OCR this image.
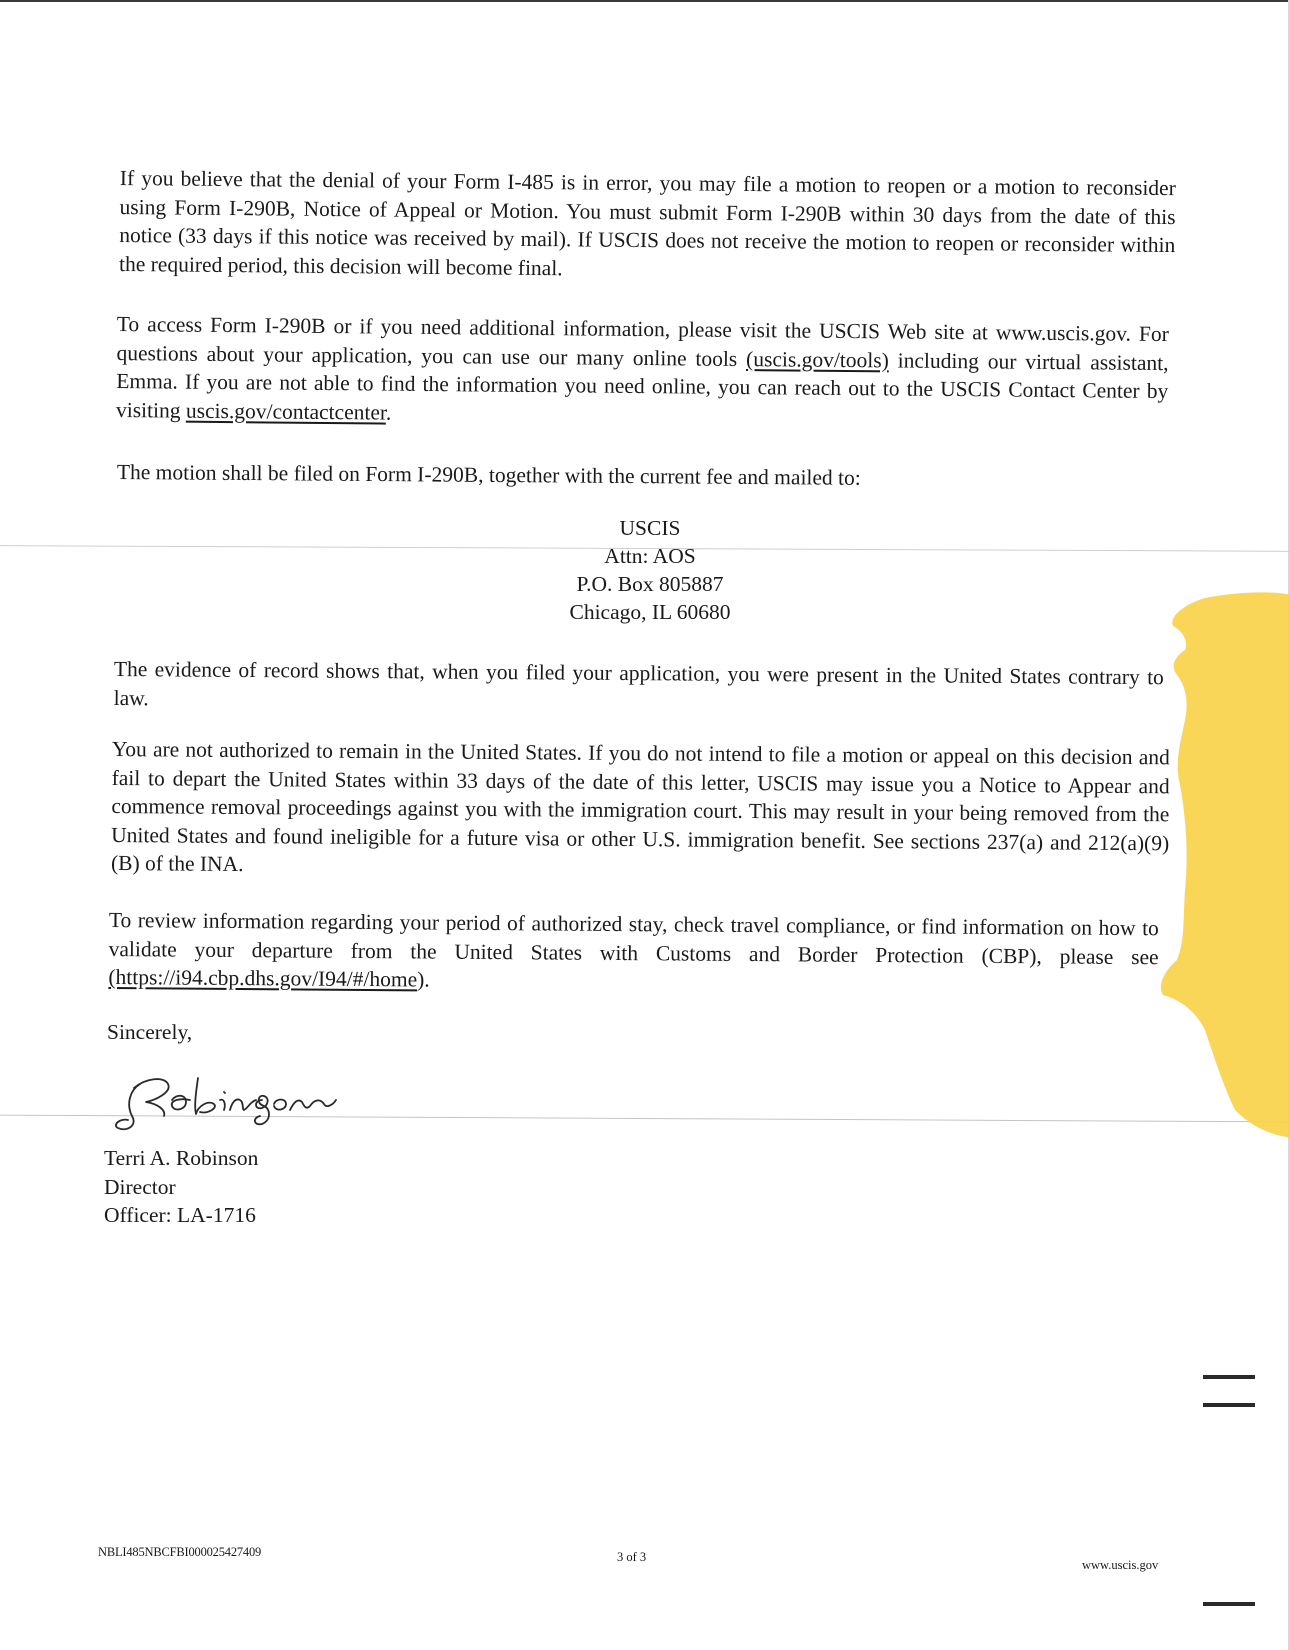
If you believe that the denial of your Form I-485 is in error, you may file a motion to reopen or a motion to reconsider using Form I-290B, Notice of Appeal or Motion. You must submit Form I-290B within 30 days from the date of this notice (33 days if this notice was received by mail). If USCIS does not receive the motion to reopen or reconsider within the required period, this decision will become final.

To access Form I-290B or if you need additional information, please visit the USCIS Web site at www.uscis.gov. For questions about your application, you can use our many online tools (uscis.gov/tools) including our virtual assistant, Emma. If you are not able to find the information you need online, you can reach out to the USCIS Contact Center by visiting uscis.gov/contactcenter.

The motion shall be filed on Form I-290B, together with the current fee and mailed to:

USCIS
Attn: AOS
P.O. Box 805887
Chicago, IL 60680

The evidence of record shows that, when you filed your application, you were present in the United States contrary to law.

You are not authorized to remain in the United States. If you do not intend to file a motion or appeal on this decision and fail to depart the United States within 33 days of the date of this letter, USCIS may issue you a Notice to Appear and commence removal proceedings against you with the immigration court. This may result in your being removed from the United States and found ineligible for a future visa or other U.S. immigration benefit. See sections 237(a) and 212(a)(9)(B) of the INA.

To review information regarding your period of authorized stay, check travel compliance, or find information on how to validate your departure from the United States with Customs and Border Protection (CBP), please see (https://i94.cbp.dhs.gov/I94/#/home).

Sincerely,
Robinson
Terri A. Robinson
Director
Officer: LA-1716
NBLI485NBCFBI000025427409	3 of 3
www.uscis.gov
